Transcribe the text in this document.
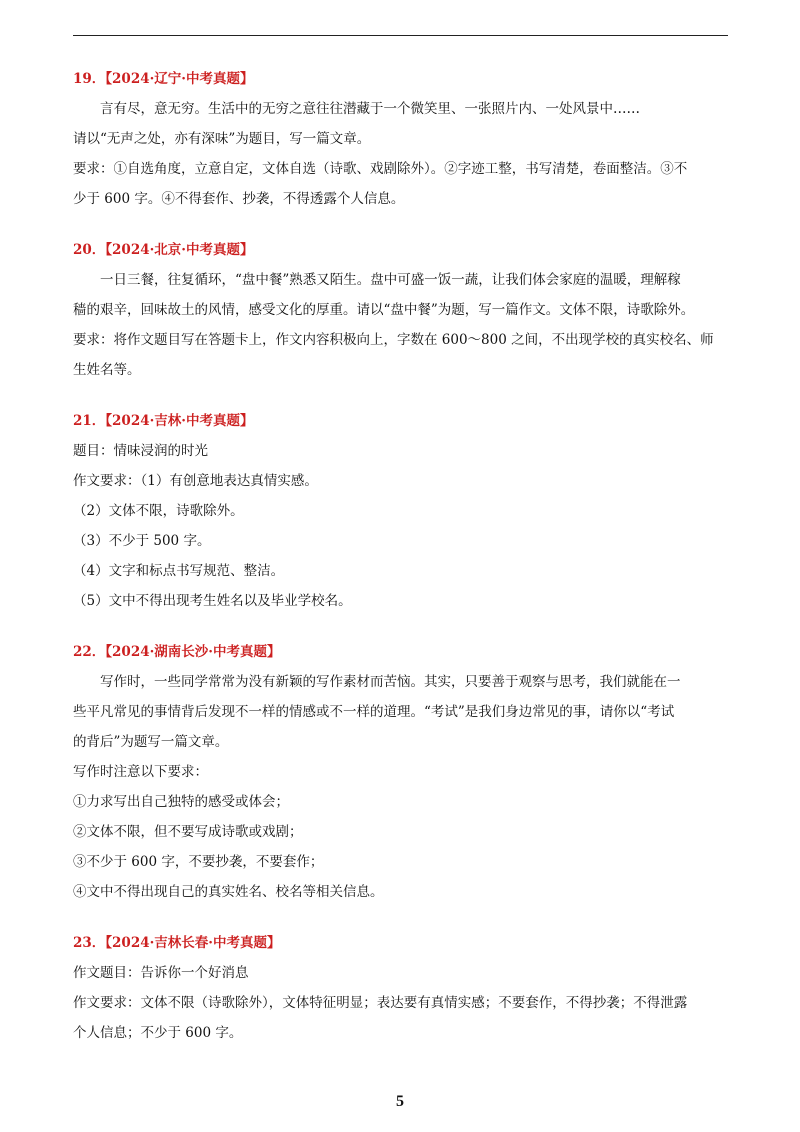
19．【2024·辽宁·中考真题】
言有尽，意无穷。生活中的无穷之意往往潜藏于一个微笑里、一张照片内、一处风景中……
请以“无声之处，亦有深味”为题目，写一篇文章。
要求：①自选角度，立意自定，文体自选（诗歌、戏剧除外）。②字迹工整，书写清楚，卷面整洁。③不
少于 600 字。④不得套作、抄袭，不得透露个人信息。
20．【2024·北京·中考真题】
一日三餐，往复循环，“盘中餐”熟悉又陌生。盘中可盛一饭一蔬，让我们体会家庭的温暖，理解稼
穑的艰辛，回味故土的风情，感受文化的厚重。请以“盘中餐”为题，写一篇作文。文体不限，诗歌除外。
要求：将作文题目写在答题卡上，作文内容积极向上，字数在 600～800 之间，不出现学校的真实校名、师
生姓名等。
21．【2024·吉林·中考真题】
题目：情味浸润的时光
作文要求：（1）有创意地表达真情实感。
（2）文体不限，诗歌除外。
（3）不少于 500 字。
（4）文字和标点书写规范、整洁。
（5）文中不得出现考生姓名以及毕业学校名。
22．【2024·湖南长沙·中考真题】
写作时，一些同学常常为没有新颖的写作素材而苦恼。其实，只要善于观察与思考，我们就能在一
些平凡常见的事情背后发现不一样的情感或不一样的道理。“考试”是我们身边常见的事，请你以“考试
的背后”为题写一篇文章。
写作时注意以下要求：
①力求写出自己独特的感受或体会；
②文体不限，但不要写成诗歌或戏剧；
③不少于 600 字，不要抄袭，不要套作；
④文中不得出现自己的真实姓名、校名等相关信息。
23．【2024·吉林长春·中考真题】
作文题目：告诉你一个好消息
作文要求：文体不限（诗歌除外），文体特征明显；表达要有真情实感；不要套作，不得抄袭；不得泄露
个人信息；不少于 600 字。
5
